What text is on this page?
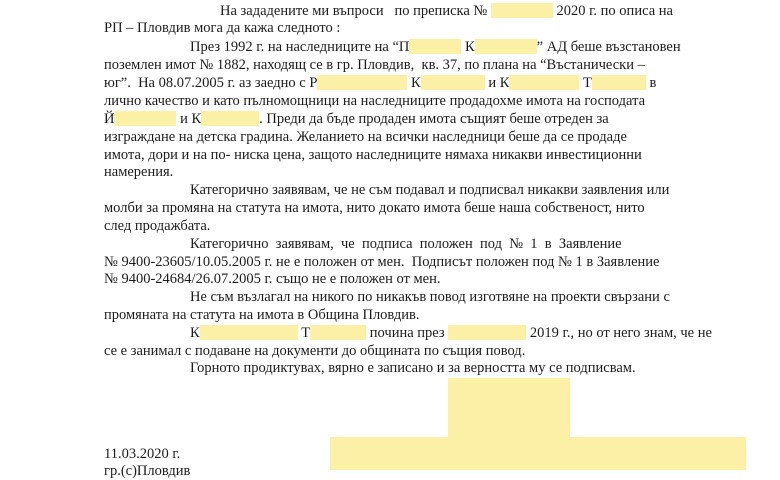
На зададените ми въпроси   по преписка №	2020 г. по описа на
РП – Пловдив мога да кажа следното :
През 1992 г. на наследниците на “П	К	” АД беше възстановен
поземлен имот № 1882, находящ се в гр. Пловдив,  кв. 37, по плана на “Въстанически –
юг”.  На 08.07.2005 г. аз заедно с Р	К	и К	Т	в
лично качество и като пълномощници на наследниците продадохме имота на господата
Й	и К	. Преди да бъде продаден имота същият беше отреден за
изграждане на детска градина. Желанието на всички наследници беше да се продаде
имота, дори и на по- ниска цена, защото наследниците нямаха никакви инвестиционни
намерения.
Категорично заявявам, че не съм подавал и подписвал никакви заявления или
молби за промяна на статута на имота, нито докато имота беше наша собственост, нито
след продажбата.
Категорично  заявявам,  че  подписа  положен  под  №  1  в  Заявление
№ 9400-23605/10.05.2005 г. не е положен от мен.  Подписът положен под № 1 в Заявление
№ 9400-24684/26.07.2005 г. също не е положен от мен.
Не съм възлагал на никого по никакъв повод изготвяне на проекти свързани с
промяната на статута на имота в Община Пловдив.
К	Т	почина през	2019 г., но от него знам, че не
се е занимал с подаване на документи до общината по същия повод.
Горното продиктувах, вярно е записано и за верността му се подписвам.
11.03.2020 г.
гр.(с)Пловдив
